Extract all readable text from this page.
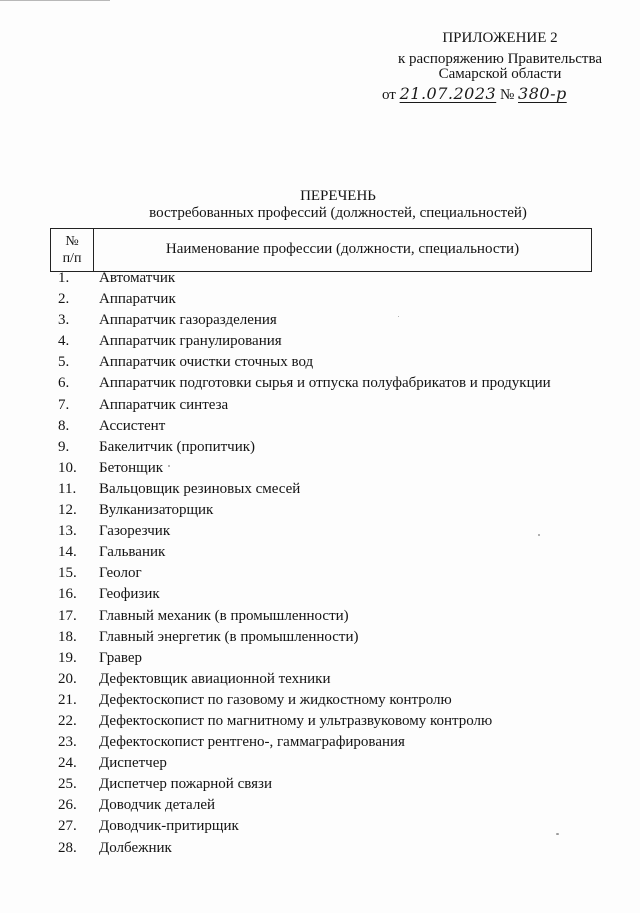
ПРИЛОЖЕНИЕ 2
к распоряжению Правительства
Самарской области
от 21.07.2023 № 380-р
ПЕРЕЧЕНЬ
востребованных профессий (должностей, специальностей)
№
п/п
Наименование профессии (должности, специальности)
1. Автоматчик
2. Аппаратчик
3. Аппаратчик газоразделения
4. Аппаратчик гранулирования
5. Аппаратчик очистки сточных вод
6. Аппаратчик подготовки сырья и отпуска полуфабрикатов и продукции
7. Аппаратчик синтеза
8. Ассистент
9. Бакелитчик (пропитчик)
10. Бетонщик
11. Вальцовщик резиновых смесей
12. Вулканизаторщик
13. Газорезчик
14. Гальваник
15. Геолог
16. Геофизик
17. Главный механик (в промышленности)
18. Главный энергетик (в промышленности)
19. Гравер
20. Дефектовщик авиационной техники
21. Дефектоскопист по газовому и жидкостному контролю
22. Дефектоскопист по магнитному и ультразвуковому контролю
23. Дефектоскопист рентгено-, гаммаграфирования
24. Диспетчер
25. Диспетчер пожарной связи
26. Доводчик деталей
27. Доводчик-притирщик
28. Долбежник
